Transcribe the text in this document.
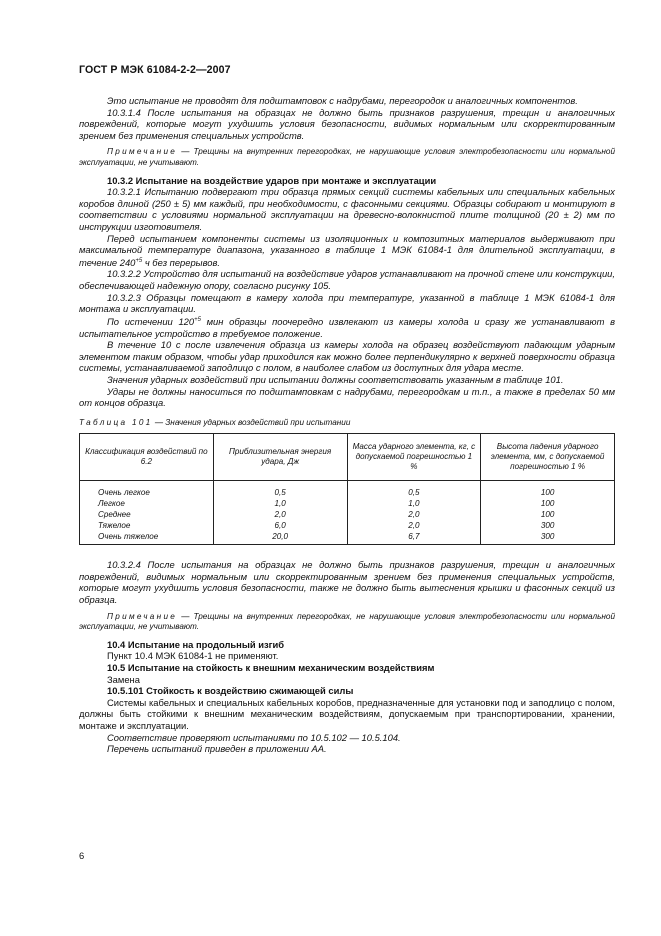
ГОСТ Р МЭК 61084-2-2—2007

Это испытание не проводят для подштамповок с надрубами, перегородок и аналогичных компонентов.

10.3.1.4 После испытания на образцах не должно быть признаков разрушения, трещин и аналогичных повреждений, которые могут ухудшить условия безопасности, видимых нормальным или скорректированным зрением без применения специальных устройств.

Примечание — Трещины на внутренних перегородках, не нарушающие условия электробезопасности или нормальной эксплуатации, не учитывают.

10.3.2 Испытание на воздействие ударов при монтаже и эксплуатации

10.3.2.1 Испытанию подвергают три образца прямых секций системы кабельных или специальных кабельных коробов длиной (250 ± 5) мм каждый, при необходимости, с фасонными секциями. Образцы собирают и монтируют в соответствии с условиями нормальной эксплуатации на древесно-волокнистой плите толщиной (20 ± 2) мм по инструкции изготовителя.

Перед испытанием компоненты системы из изоляционных и композитных материалов выдерживают при максимальной температуре диапазона, указанного в таблице 1 МЭК 61084-1 для длительной эксплуатации, в течение $240^{+5}$ ч без перерывов.

10.3.2.2 Устройство для испытаний на воздействие ударов устанавливают на прочной стене или конструкции, обеспечивающей надежную опору, согласно рисунку 105.

10.3.2.3 Образцы помещают в камеру холода при температуре, указанной в таблице 1 МЭК 61084-1 для монтажа и эксплуатации.

По истечении $120^{+5}$ мин образцы поочередно извлекают из камеры холода и сразу же устанавливают в испытательное устройство в требуемое положение.

В течение 10 с после извлечения образца из камеры холода на образец воздействуют падающим ударным элементом таким образом, чтобы удар приходился как можно более перпендикулярно к верхней поверхности образца системы, устанавливаемой заподлицо с полом, в наиболее слабом из доступных для удара месте.

Значения ударных воздействий при испытании должны соответствовать указанным в таблице 101.

Удары не должны наноситься по подштамповкам с надрубами, перегородкам и т.п., а также в пределах 50 мм от концов образца.

Таблица 101 — Значения ударных воздействий при испытании

Классификация воздействий по 6.2	Приблизительная энергия удара, Дж	Масса ударного элемента, кг, с допускаемой погрешностью 1 %	Высота падения ударного элемента, мм, с допускаемой погрешностью 1 %
Очень легкое	0,5	0,5	100
Легкое	1,0	1,0	100
Среднее	2,0	2,0	100
Тяжелое	6,0	2,0	300
Очень тяжелое	20,0	6,7	300

10.3.2.4 После испытания на образцах не должно быть признаков разрушения, трещин и аналогичных повреждений, видимых нормальным или скорректированным зрением без применения специальных устройств, которые могут ухудшить условия безопасности, также не должно быть вытеснения крышки и фасонных секций из образца.

Примечание — Трещины на внутренних перегородках, не нарушающие условия электробезопасности или нормальной эксплуатации, не учитывают.

10.4 Испытание на продольный изгиб

Пункт 10.4 МЭК 61084-1 не применяют.

10.5 Испытание на стойкость к внешним механическим воздействиям

Замена

10.5.101 Стойкость к воздействию сжимающей силы

Системы кабельных и специальных кабельных коробов, предназначенные для установки под и заподлицо с полом, должны быть стойкими к внешним механическим воздействиям, допускаемым при транспортировании, хранении, монтаже и эксплуатации.

Соответствие проверяют испытаниями по 10.5.102 — 10.5.104.

Перечень испытаний приведен в приложении АА.

6
